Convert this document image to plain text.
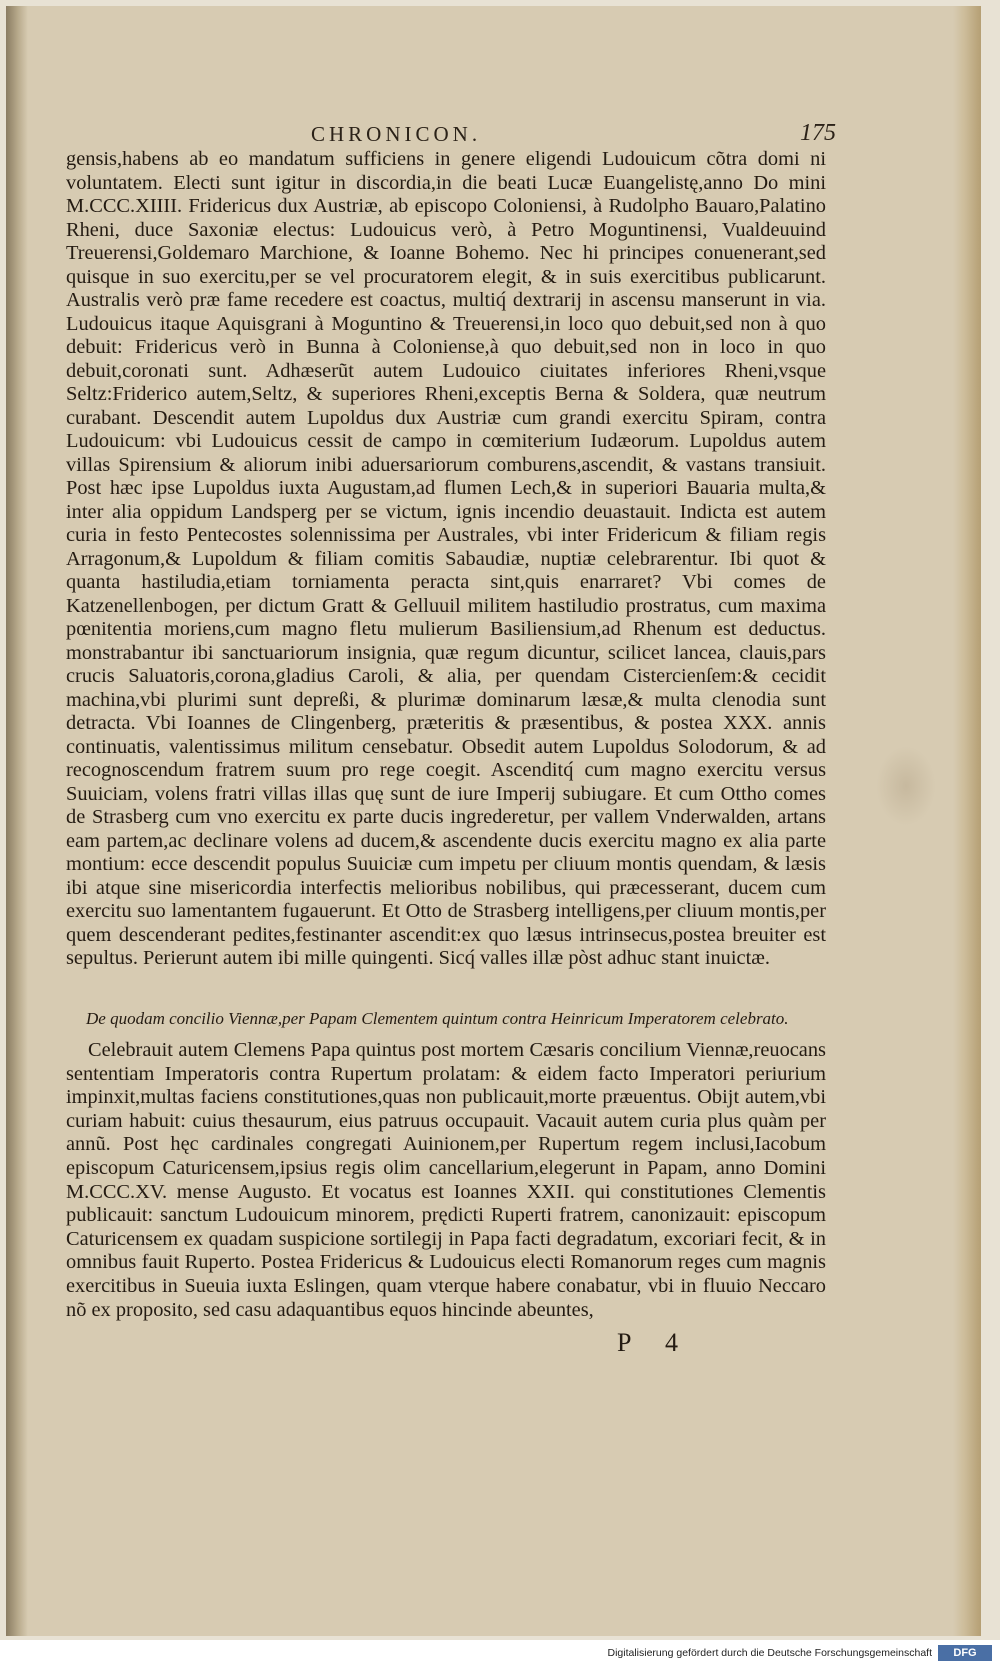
CHRONICON.	175

gensis,habens ab eo mandatum sufficiens in genere eligendi Ludouicum cõtra domi ni voluntatem. Electi sunt igitur in discordia,in die beati Lucæ Euangelistę,anno Do mini M.CCC.XIIII. Fridericus dux Austriæ, ab episcopo Coloniensi, à Rudolpho Bauaro,Palatino Rheni, duce Saxoniæ electus: Ludouicus verò, à Petro Moguntinensi, Vualdeuuind Treuerensi,Goldemaro Marchione, & Ioanne Bohemo. Nec hi principes conuenerant,sed quisque in suo exercitu,per se vel procuratorem elegit, & in suis exercitibus publicarunt. Australis verò præ fame recedere est coactus, multiq́ dextrarij in ascensu manserunt in via. Ludouicus itaque Aquisgrani à Moguntino & Treuerensi,in loco quo debuit,sed non à quo debuit: Fridericus verò in Bunna à Coloniense,à quo debuit,sed non in loco in quo debuit,coronati sunt. Adhæserũt autem Ludouico ciuitates inferiores Rheni,vsque Seltz:Friderico autem,Seltz, & superiores Rheni,exceptis Berna & Soldera, quæ neutrum curabant. Descendit autem Lupoldus dux Austriæ cum grandi exercitu Spiram, contra Ludouicum: vbi Ludouicus cessit de campo in cœmiterium Iudæorum. Lupoldus autem villas Spirensium & aliorum inibi aduersariorum comburens,ascendit, & vastans transiuit. Post hæc ipse Lupoldus iuxta Augustam,ad flumen Lech,& in superiori Bauaria multa,& inter alia oppidum Landsperg per se victum, ignis incendio deuastauit. Indicta est autem curia in festo Pentecostes solennissima per Australes, vbi inter Fridericum & filiam regis Arragonum,& Lupoldum & filiam comitis Sabaudiæ, nuptiæ celebrarentur. Ibi quot & quanta hastiludia,etiam torniamenta peracta sint,quis enarraret? Vbi comes de Katzenellenbogen, per dictum Gratt & Gelluuil militem hastiludio prostratus, cum maxima pœnitentia moriens,cum magno fletu mulierum Basiliensium,ad Rhenum est deductus. monstrabantur ibi sanctuariorum insignia, quæ regum dicuntur, scilicet lancea, clauis,pars crucis Saluatoris,corona,gladius Caroli, & alia, per quendam Cistercienſem:& cecidit machina,vbi plurimi sunt depreßi, & plurimæ dominarum læsæ,& multa clenodia sunt detracta. Vbi Ioannes de Clingenberg, præteritis & præsentibus, & postea XXX. annis continuatis, valentissimus militum censebatur. Obsedit autem Lupoldus Solodorum, & ad recognoscendum fratrem suum pro rege coegit. Ascenditq́ cum magno exercitu versus Suuiciam, volens fratri villas illas quę sunt de iure Imperij subiugare. Et cum Ottho comes de Strasberg cum vno exercitu ex parte ducis ingrederetur, per vallem Vnderwalden, artans eam partem,ac declinare volens ad ducem,& ascendente ducis exercitu magno ex alia parte montium: ecce descendit populus Suuiciæ cum impetu per cliuum montis quendam, & læsis ibi atque sine misericordia interfectis melioribus nobilibus, qui præcesserant, ducem cum exercitu suo lamentantem fugauerunt. Et Otto de Strasberg intelligens,per cliuum montis,per quem descenderant pedites,festinanter ascendit:ex quo læsus intrinsecus,postea breuiter est sepultus. Perierunt autem ibi mille quingenti. Sicq́ valles illæ pòst adhuc stant inuictæ.

De quodam concilio Viennæ,per Papam Clementem quintum contra Heinricum Imperatorem celebrato.

Celebrauit autem Clemens Papa quintus post mortem Cæsaris concilium Viennæ,reuocans sententiam Imperatoris contra Rupertum prolatam: & eidem facto Imperatori periurium impinxit,multas faciens constitutiones,quas non publicauit,morte præuentus. Obijt autem,vbi curiam habuit: cuius thesaurum, eius patruus occupauit. Vacauit autem curia plus quàm per annũ. Post hęc cardinales congregati Auinionem,per Rupertum regem inclusi,Iacobum episcopum Caturicensem,ipsius regis olim cancellarium,elegerunt in Papam, anno Domini M.CCC.XV. mense Augusto. Et vocatus est Ioannes XXII. qui constitutiones Clementis publicauit: sanctum Ludouicum minorem, prędicti Ruperti fratrem, canonizauit: episcopum Caturicensem ex quadam suspicione sortilegij in Papa facti degradatum, excoriari fecit, & in omnibus fauit Ruperto. Postea Fridericus & Ludouicus electi Romanorum reges cum magnis exercitibus in Sueuia iuxta Eslingen, quam vterque habere conabatur, vbi in fluuio Neccaro nõ ex proposito, sed casu adaquantibus equos hincinde abeuntes,

P 4
Digitalisierung gefördert durch die Deutsche Forschungsgemeinschaft	DFG
